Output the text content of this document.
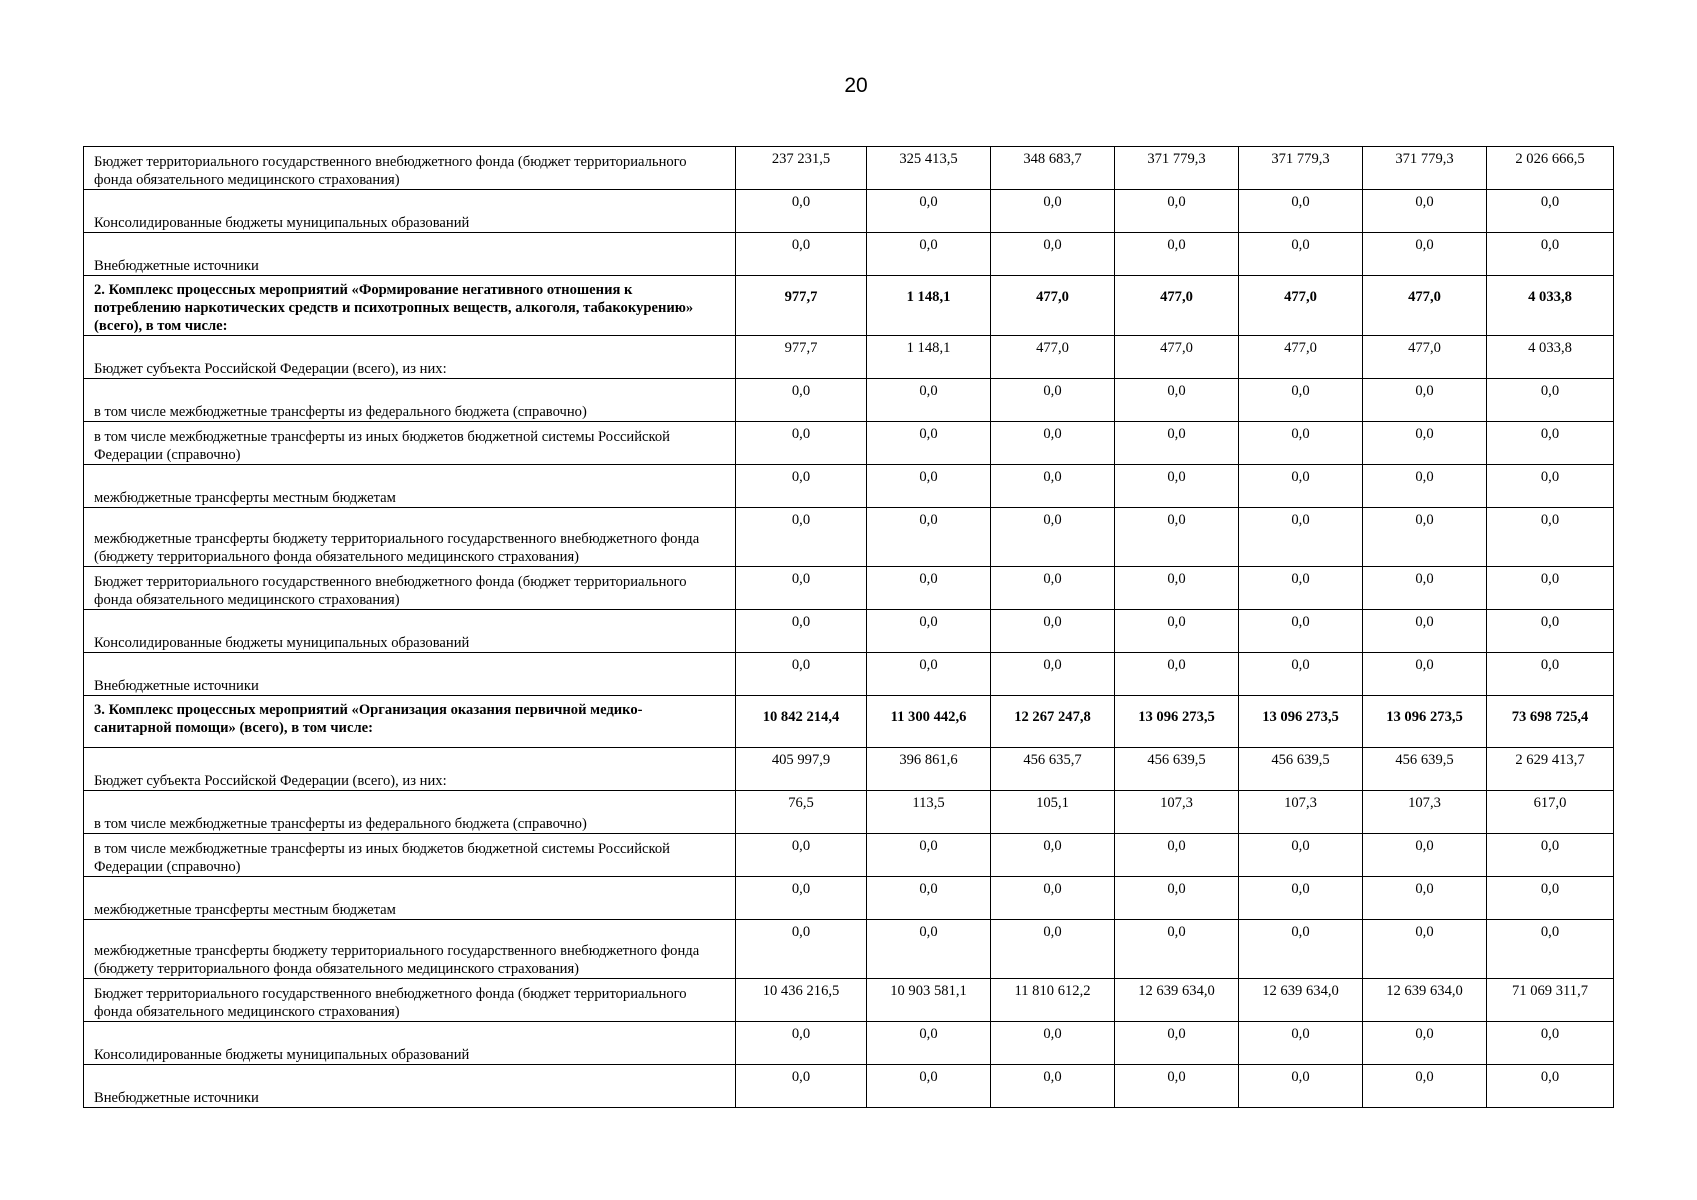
20
Бюджет территориального государственного внебюджетного фонда (бюджет территориального фонда обязательного медицинского страхования)	237 231,5	325 413,5	348 683,7	371 779,3	371 779,3	371 779,3	2 026 666,5
Консолидированные бюджеты муниципальных образований	0,0	0,0	0,0	0,0	0,0	0,0	0,0
Внебюджетные источники	0,0	0,0	0,0	0,0	0,0	0,0	0,0
2. Комплекс процессных мероприятий «Формирование негативного отношения к потреблению наркотических средств и психотропных веществ, алкоголя, табакокурению» (всего), в том числе:	977,7	1 148,1	477,0	477,0	477,0	477,0	4 033,8
Бюджет субъекта Российской Федерации (всего), из них:	977,7	1 148,1	477,0	477,0	477,0	477,0	4 033,8
в том числе межбюджетные трансферты из федерального бюджета (справочно)	0,0	0,0	0,0	0,0	0,0	0,0	0,0
в том числе межбюджетные трансферты из иных бюджетов бюджетной системы Российской Федерации (справочно)	0,0	0,0	0,0	0,0	0,0	0,0	0,0
межбюджетные трансферты местным бюджетам	0,0	0,0	0,0	0,0	0,0	0,0	0,0
межбюджетные трансферты бюджету территориального государственного внебюджетного фонда (бюджету территориального фонда обязательного медицинского страхования)	0,0	0,0	0,0	0,0	0,0	0,0	0,0
Бюджет территориального государственного внебюджетного фонда (бюджет территориального фонда обязательного медицинского страхования)	0,0	0,0	0,0	0,0	0,0	0,0	0,0
Консолидированные бюджеты муниципальных образований	0,0	0,0	0,0	0,0	0,0	0,0	0,0
Внебюджетные источники	0,0	0,0	0,0	0,0	0,0	0,0	0,0
3. Комплекс процессных мероприятий «Организация оказания первичной медико-санитарной помощи» (всего), в том числе:	10 842 214,4	11 300 442,6	12 267 247,8	13 096 273,5	13 096 273,5	13 096 273,5	73 698 725,4
Бюджет субъекта Российской Федерации (всего), из них:	405 997,9	396 861,6	456 635,7	456 639,5	456 639,5	456 639,5	2 629 413,7
в том числе межбюджетные трансферты из федерального бюджета (справочно)	76,5	113,5	105,1	107,3	107,3	107,3	617,0
в том числе межбюджетные трансферты из иных бюджетов бюджетной системы Российской Федерации (справочно)	0,0	0,0	0,0	0,0	0,0	0,0	0,0
межбюджетные трансферты местным бюджетам	0,0	0,0	0,0	0,0	0,0	0,0	0,0
межбюджетные трансферты бюджету территориального государственного внебюджетного фонда (бюджету территориального фонда обязательного медицинского страхования)	0,0	0,0	0,0	0,0	0,0	0,0	0,0
Бюджет территориального государственного внебюджетного фонда (бюджет территориального фонда обязательного медицинского страхования)	10 436 216,5	10 903 581,1	11 810 612,2	12 639 634,0	12 639 634,0	12 639 634,0	71 069 311,7
Консолидированные бюджеты муниципальных образований	0,0	0,0	0,0	0,0	0,0	0,0	0,0
Внебюджетные источники	0,0	0,0	0,0	0,0	0,0	0,0	0,0
